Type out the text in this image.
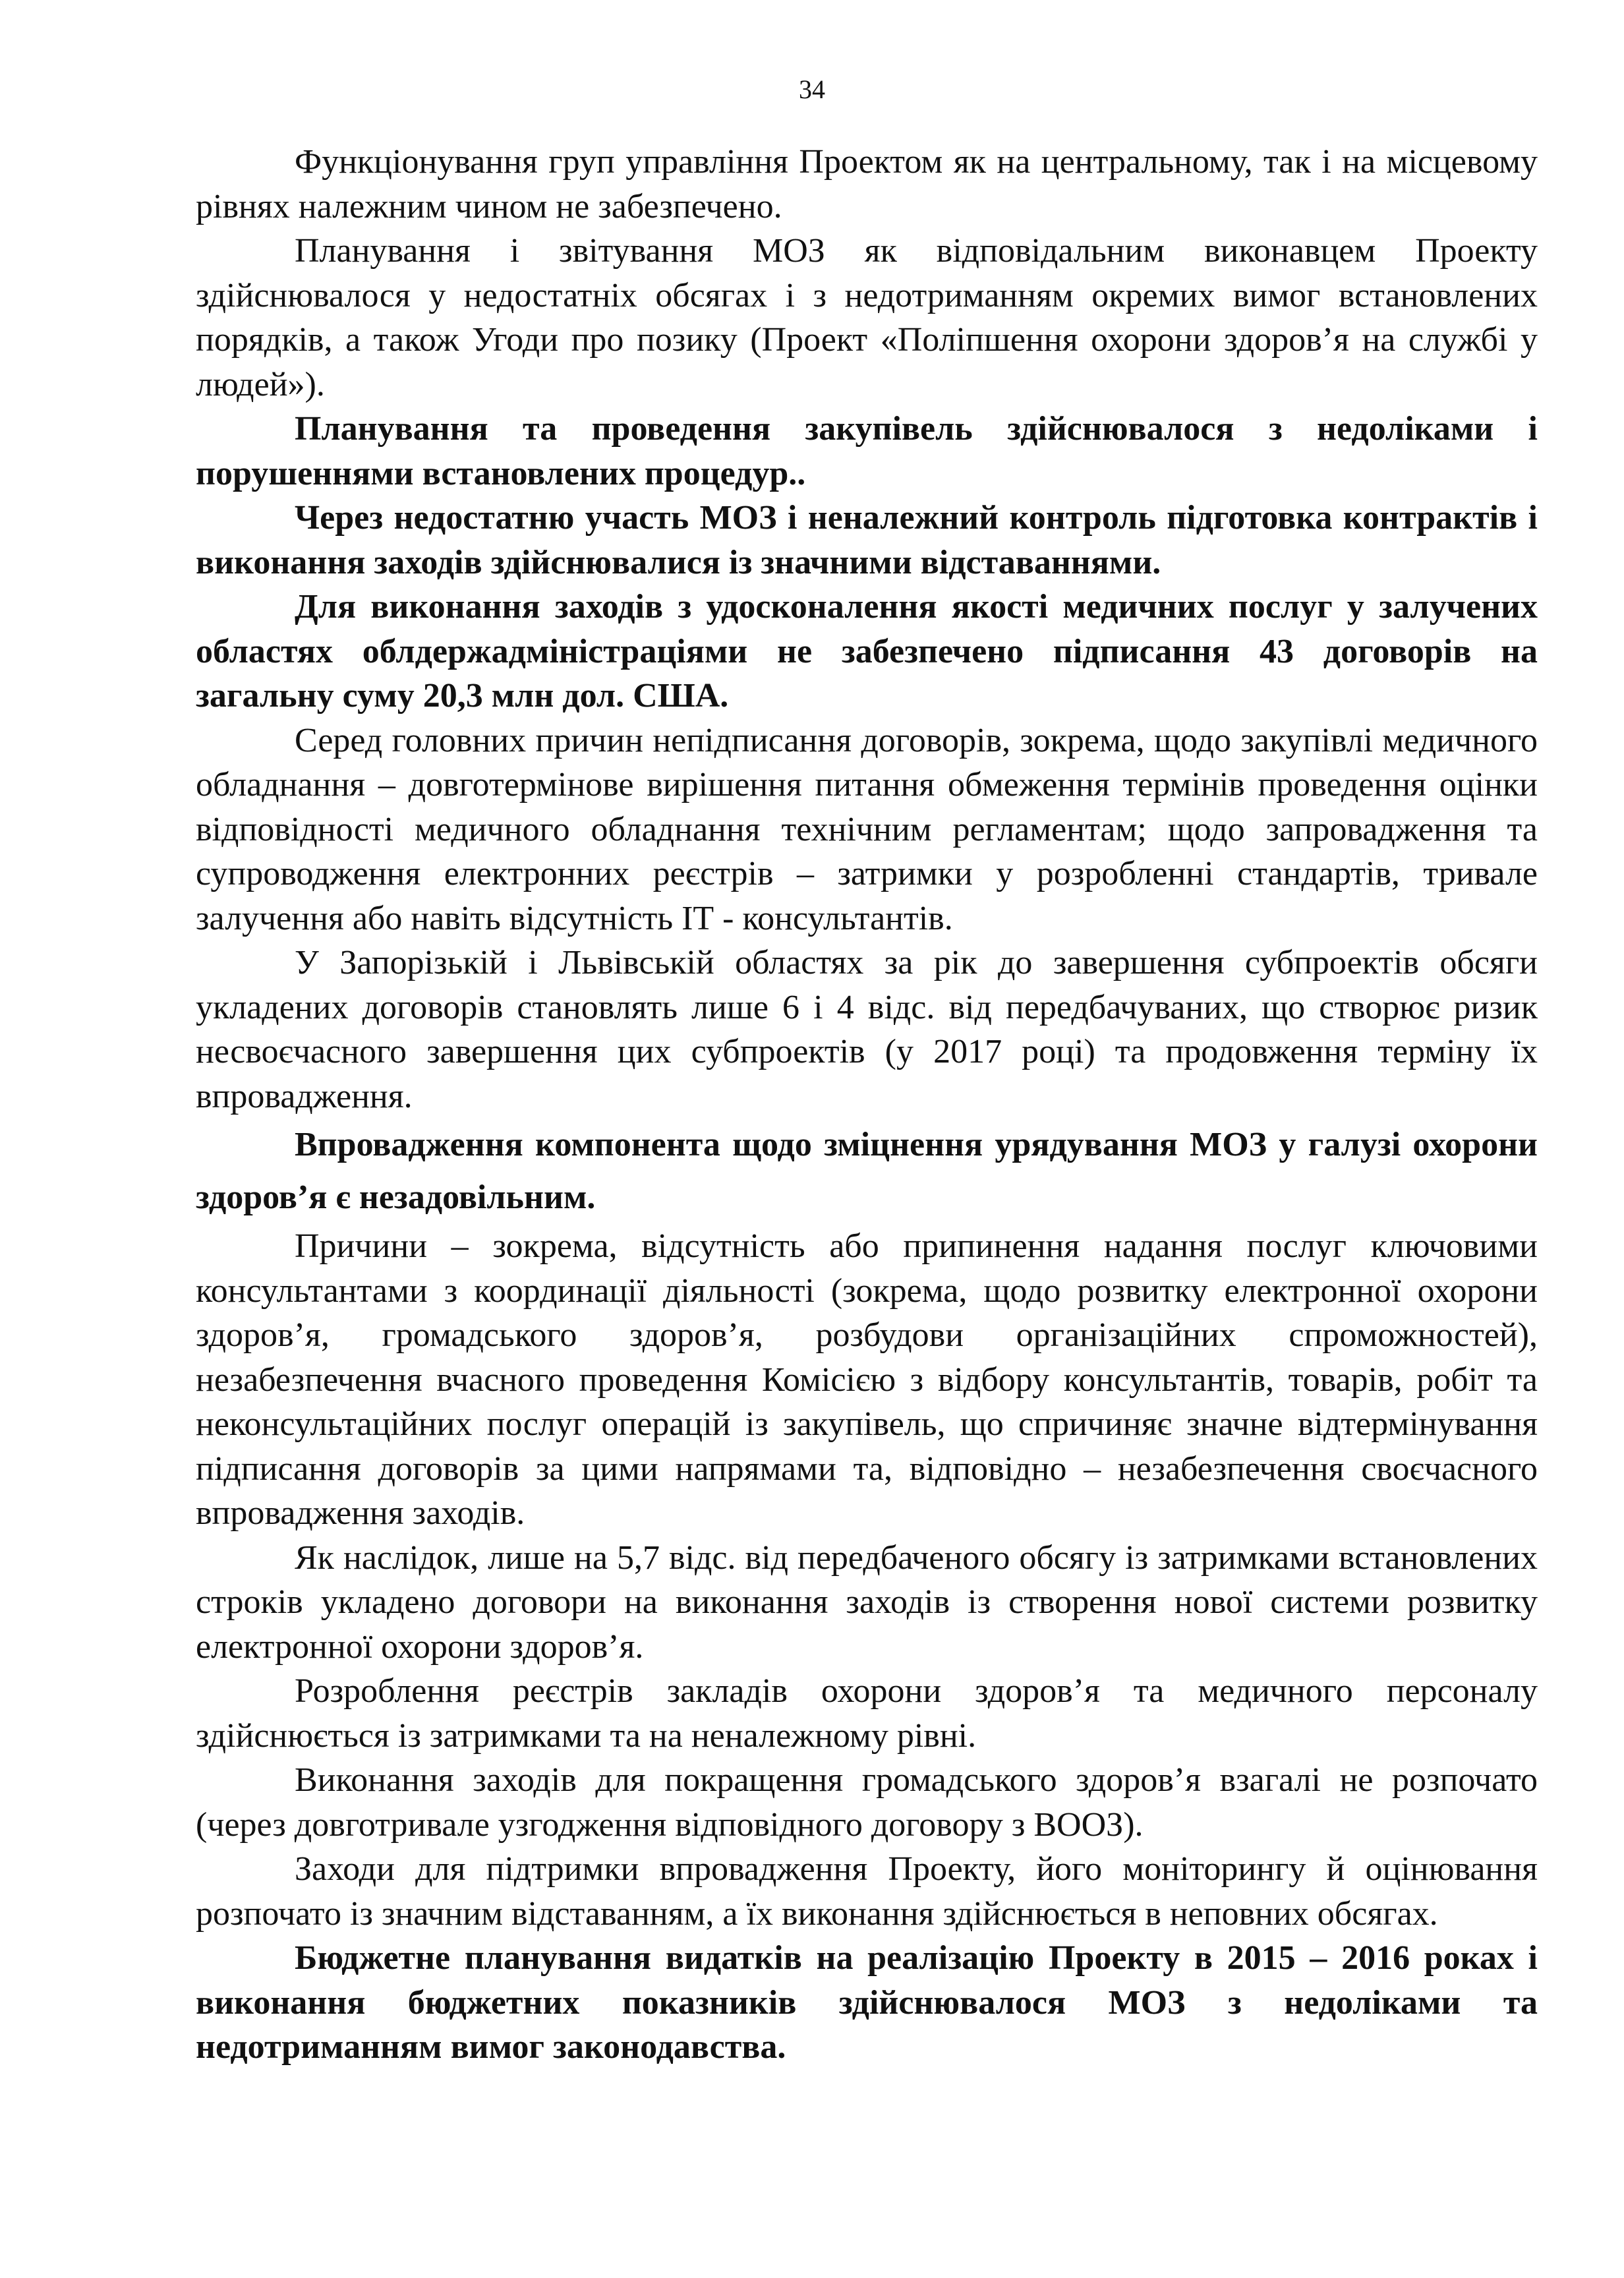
34

Функціонування груп управління Проектом як на центральному, так і на місцевому рівнях належним чином не забезпечено.

Планування і звітування МОЗ як відповідальним виконавцем Проекту здійснювалося у недостатніх обсягах і з недотриманням окремих вимог встановлених порядків, а також Угоди про позику (Проект «Поліпшення охорони здоров’я на службі у людей»).

Планування та проведення закупівель здійснювалося з недоліками і порушеннями встановлених процедур..

Через недостатню участь МОЗ і неналежний контроль підготовка контрактів і виконання заходів здійснювалися із значними відставаннями.

Для виконання заходів з удосконалення якості медичних послуг у залучених областях облдержадміністраціями не забезпечено підписання 43 договорів на загальну суму 20,3 млн дол. США.

Серед головних причин непідписання договорів, зокрема, щодо закупівлі медичного обладнання – довготермінове вирішення питання обмеження термінів проведення оцінки відповідності медичного обладнання технічним регламентам; щодо запровадження та супроводження електронних реєстрів – затримки у розробленні стандартів, тривале залучення або навіть відсутність ІТ - консультантів.

У Запорізькій і Львівській областях за рік до завершення субпроектів обсяги укладених договорів становлять лише 6 і 4 відс. від передбачуваних, що створює ризик несвоєчасного завершення цих субпроектів (у 2017 році) та продовження терміну їх впровадження.

Впровадження компонента щодо зміцнення урядування МОЗ у галузі охорони здоров’я є незадовільним.

Причини – зокрема, відсутність або припинення надання послуг ключовими консультантами з координації діяльності (зокрема, щодо розвитку електронної охорони здоров’я, громадського здоров’я, розбудови організаційних спроможностей), незабезпечення вчасного проведення Комісією з відбору консультантів, товарів, робіт та неконсультаційних послуг операцій із закупівель, що спричиняє значне відтермінування підписання договорів за цими напрямами та, відповідно – незабезпечення своєчасного впровадження заходів.

Як наслідок, лише на 5,7 відс. від передбаченого обсягу із затримками встановлених строків укладено договори на виконання заходів із створення нової системи розвитку електронної охорони здоров’я.

Розроблення реєстрів закладів охорони здоров’я та медичного персоналу здійснюється із затримками та на неналежному рівні.

Виконання заходів для покращення громадського здоров’я взагалі не розпочато (через довготривале узгодження відповідного договору з ВООЗ).

Заходи для підтримки впровадження Проекту, його моніторингу й оцінювання розпочато із значним відставанням, а їх виконання здійснюється в неповних обсягах.

Бюджетне планування видатків на реалізацію Проекту в 2015 – 2016 роках і виконання бюджетних показників здійснювалося МОЗ з недоліками та недотриманням вимог законодавства.
